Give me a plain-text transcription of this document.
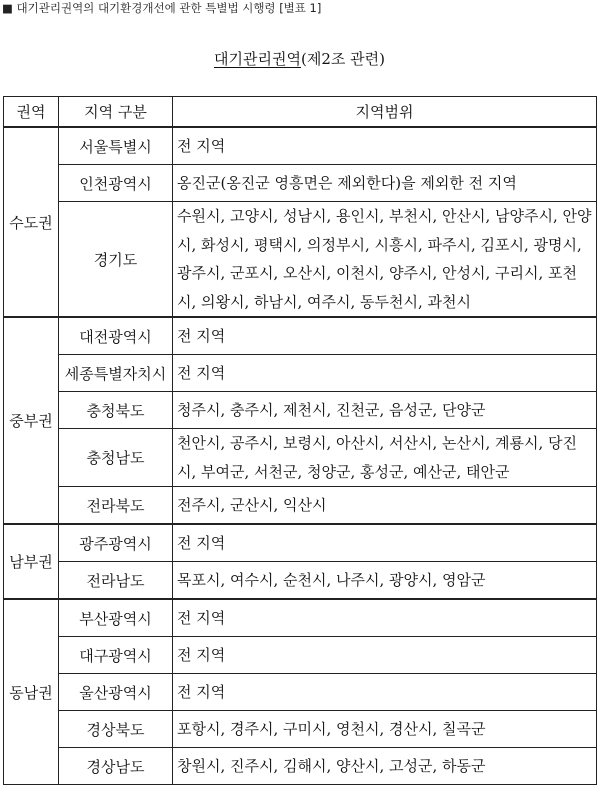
■ 대기관리권역의 대기환경개선에 관한 특별법 시행령 [별표 1]
대기관리권역(제2조 관련)
권역	지역 구분	지역범위
수도권	서울특별시	전 지역
	인천광역시	옹진군(옹진군 영흥면은 제외한다)을 제외한 전 지역
	경기도	수원시, 고양시, 성남시, 용인시, 부천시, 안산시, 남양주시, 안양시, 화성시, 평택시, 의정부시, 시흥시, 파주시, 김포시, 광명시, 광주시, 군포시, 오산시, 이천시, 양주시, 안성시, 구리시, 포천시, 의왕시, 하남시, 여주시, 동두천시, 과천시
중부권	대전광역시	전 지역
	세종특별자치시	전 지역
	충청북도	청주시, 충주시, 제천시, 진천군, 음성군, 단양군
	충청남도	천안시, 공주시, 보령시, 아산시, 서산시, 논산시, 계룡시, 당진시, 부여군, 서천군, 청양군, 홍성군, 예산군, 태안군
	전라북도	전주시, 군산시, 익산시
남부권	광주광역시	전 지역
	전라남도	목포시, 여수시, 순천시, 나주시, 광양시, 영암군
동남권	부산광역시	전 지역
	대구광역시	전 지역
	울산광역시	전 지역
	경상북도	포항시, 경주시, 구미시, 영천시, 경산시, 칠곡군
	경상남도	창원시, 진주시, 김해시, 양산시, 고성군, 하동군
